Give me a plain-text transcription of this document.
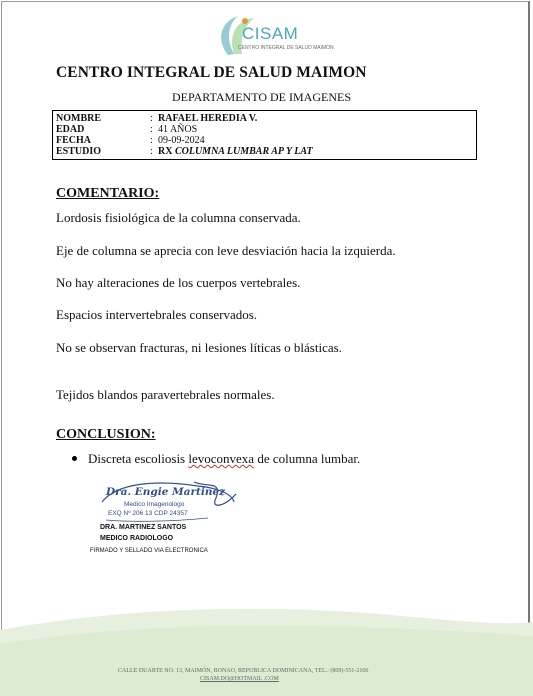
CISAM
CENTRO INTEGRAL DE SALUD MAIMON
CENTRO INTEGRAL DE SALUD MAIMON
DEPARTAMENTO DE IMAGENES
NOMBRE	: RAFAEL HEREDIA V.
EDAD	: 41 AÑOS
FECHA	: 09-09-2024
ESTUDIO	: RX COLUMNA LUMBAR AP Y LAT
COMENTARIO:
Lordosis fisiológica de la columna conservada.
Eje de columna se aprecia con leve desviación hacia la izquierda.
No hay alteraciones de los cuerpos vertebrales.
Espacios intervertebrales conservados.
No se observan fracturas, ni lesiones líticas o blásticas.
Tejidos blandos paravertebrales normales.
CONCLUSION:
Discreta escoliosis levoconvexa de columna lumbar.
Dra. Engie Martinez
Medico Imagenologo
EXQ Nº 206 13 CDP 24357
DRA. MARTINEZ SANTOS
MEDICO RADIOLOGO
FIRMADO Y SELLADO VIA ELECTRONICA
CALLE DUARTE NO. 13, MAIMÓN, BONAO, REPUBLICA DOMINICANA, TEL.: (809)-551-2106
CISAM.DO@HOTMAIL .COM
